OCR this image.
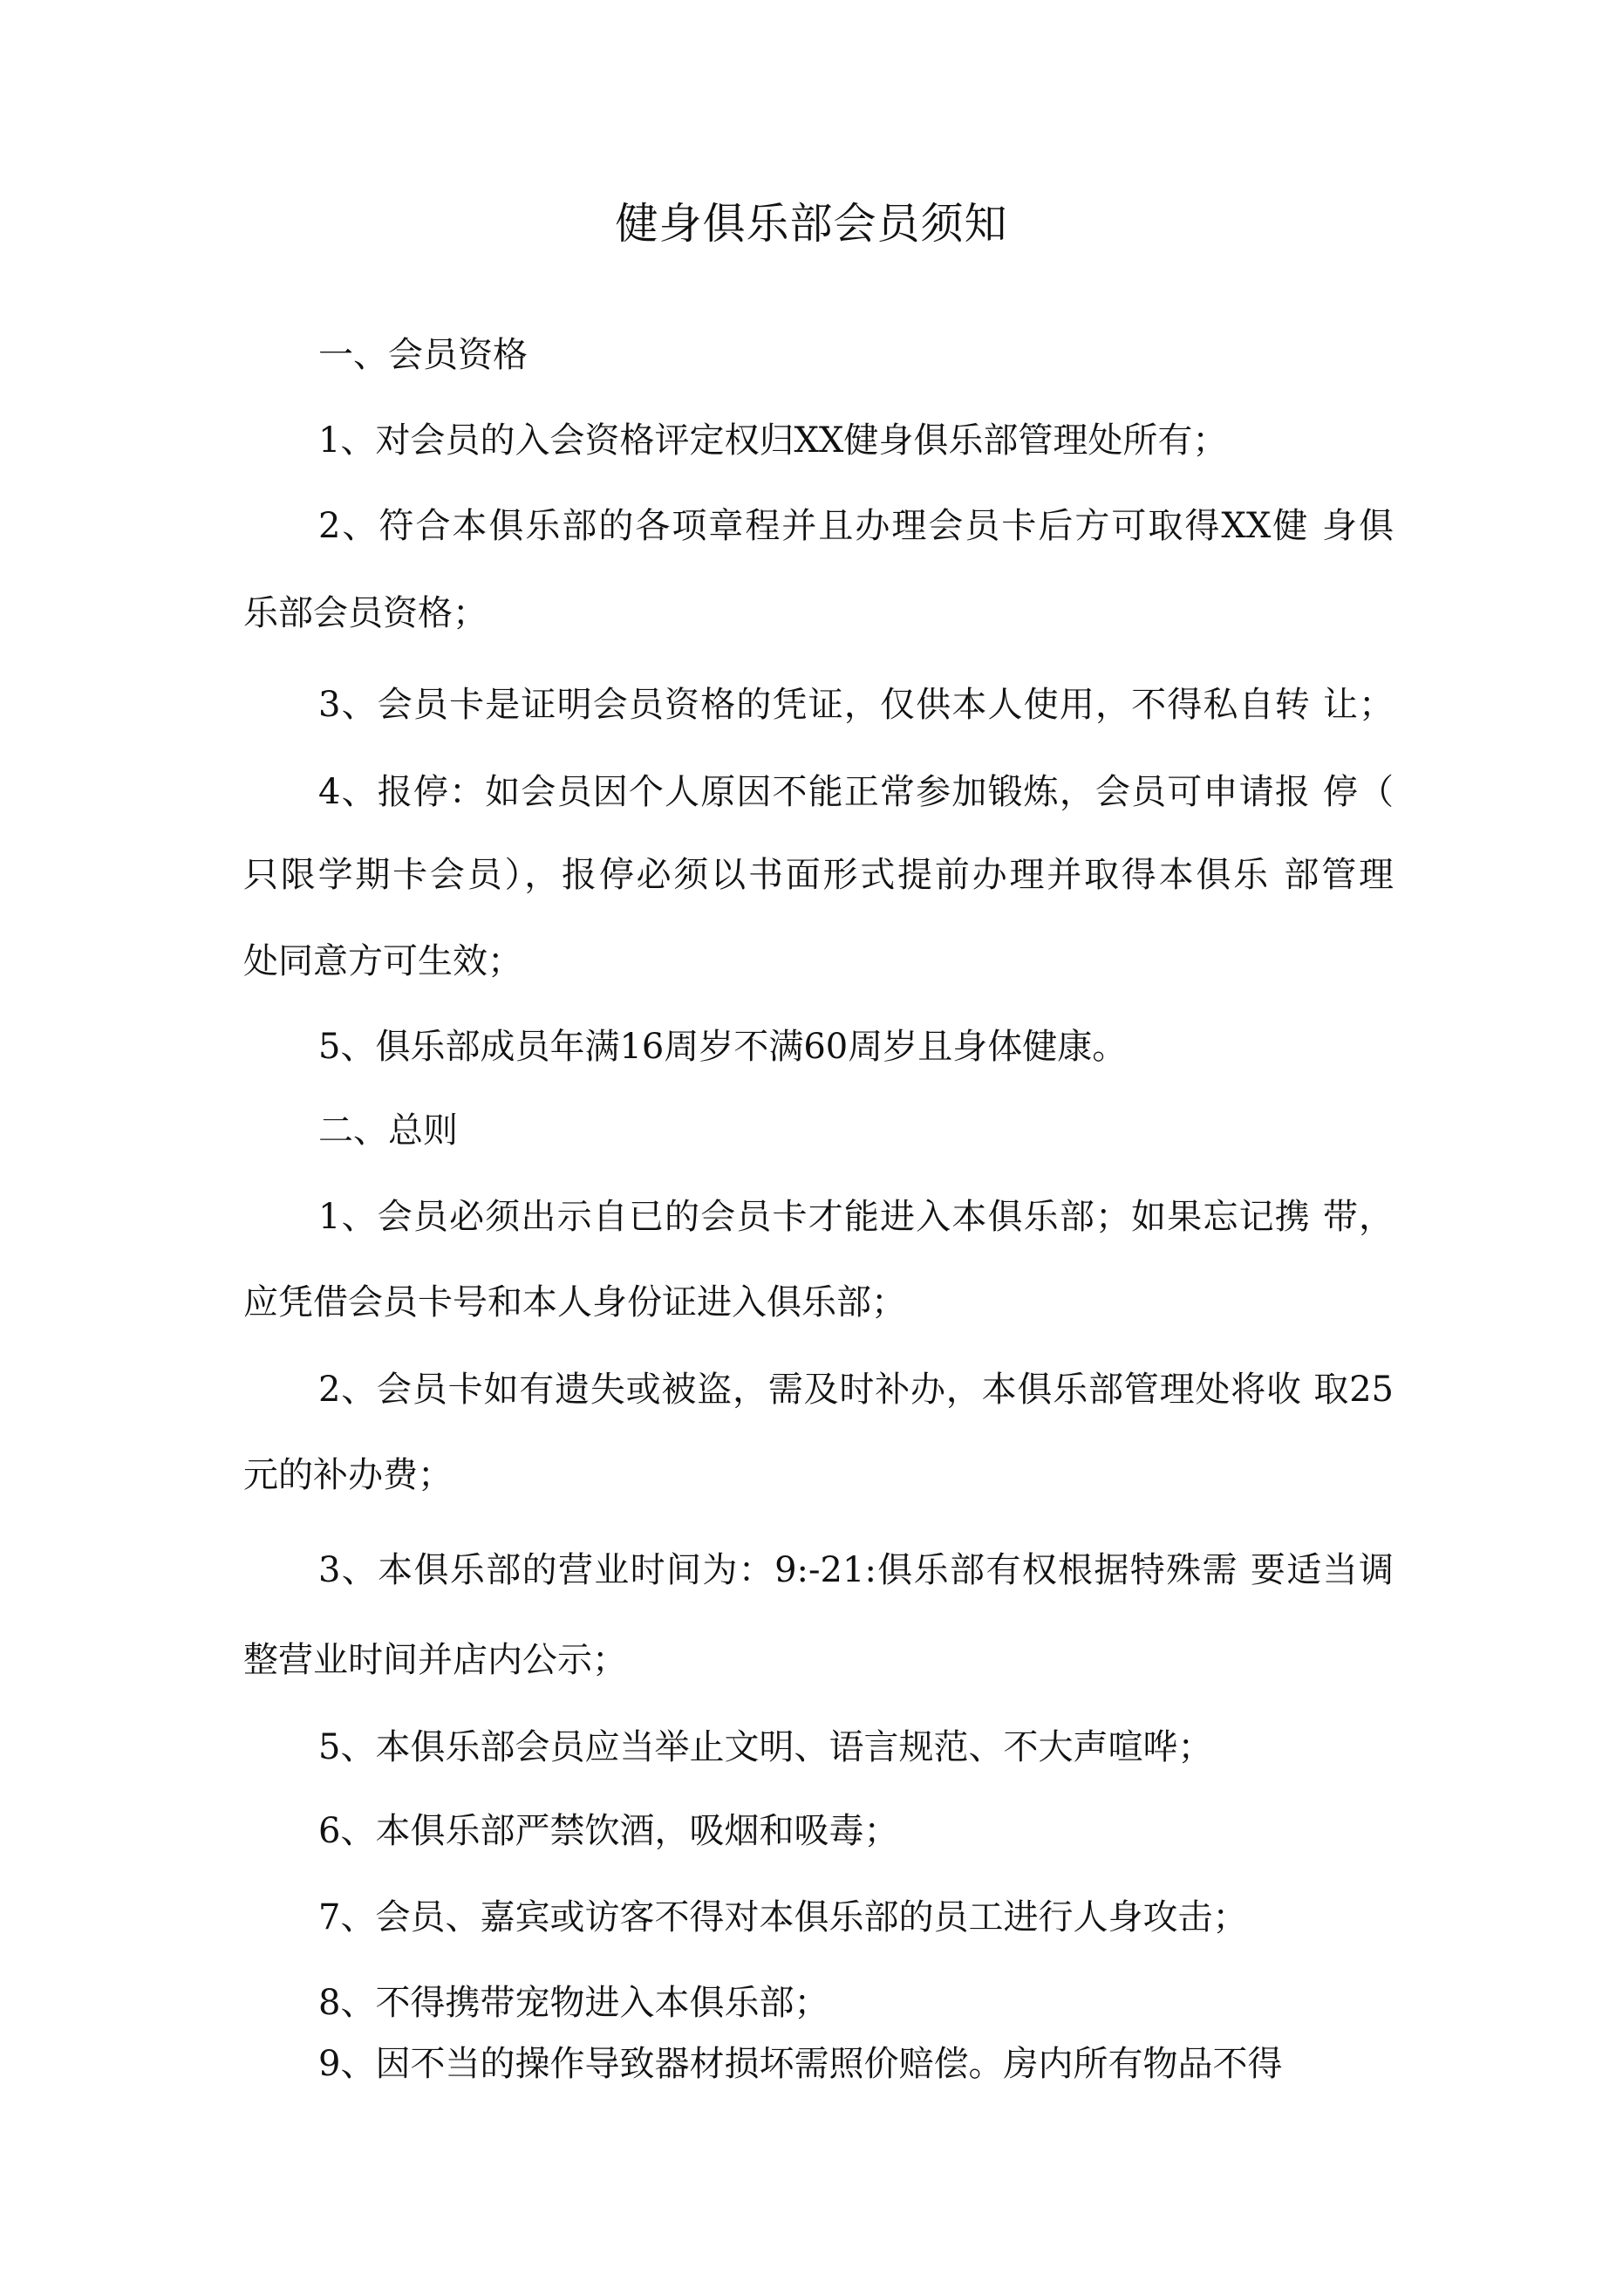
健身俱乐部会员须知
一、会员资格
1、对会员的入会资格评定权归XX健身俱乐部管理处所有；
2、符合本俱乐部的各项章程并且办理会员卡后方可取得XX健 身俱
乐部会员资格；
3、会员卡是证明会员资格的凭证，仅供本人使用，不得私自转 让；
4、报停：如会员因个人原因不能正常参加锻炼，会员可申请报 停（
只限学期卡会员），报停必须以书面形式提前办理并取得本俱乐 部管理
处同意方可生效；
5、俱乐部成员年满16周岁不满60周岁且身体健康。
二、总则
1、会员必须出示自已的会员卡才能进入本俱乐部；如果忘记携 带，
应凭借会员卡号和本人身份证进入俱乐部；
2、会员卡如有遗失或被盗，需及时补办，本俱乐部管理处将收 取25
元的补办费；
3、本俱乐部的营业时间为：9:-21:俱乐部有权根据特殊需 要适当调
整营业时间并店内公示；
5、本俱乐部会员应当举止文明、语言规范、不大声喧哗；
6、本俱乐部严禁饮酒，吸烟和吸毒；
7、会员、嘉宾或访客不得对本俱乐部的员工进行人身攻击；
8、不得携带宠物进入本俱乐部；
9、因不当的操作导致器材损坏需照价赔偿。房内所有物品不得
